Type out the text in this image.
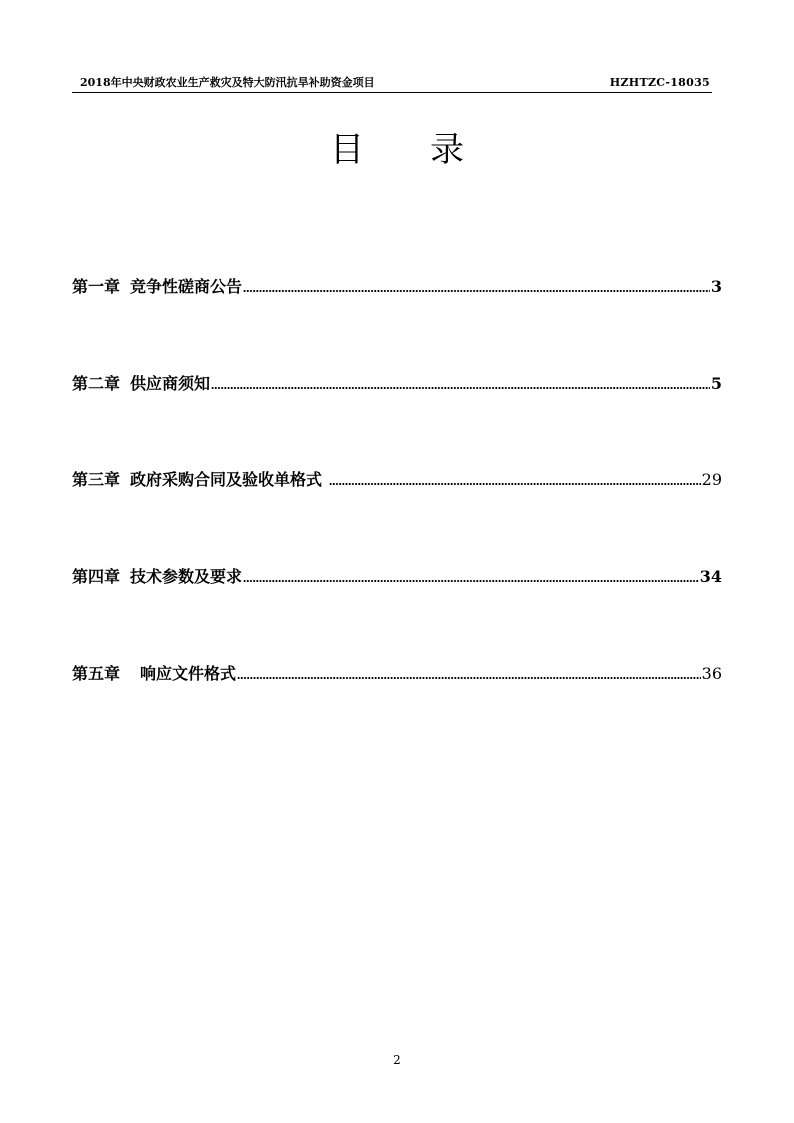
2018年中央财政农业生产救灾及特大防汛抗旱补助资金项目	HZHTZC-18035
目 录
第一章 竞争性磋商公告	3
第二章 供应商须知	5
第三章 政府采购合同及验收单格式	29
第四章 技术参数及要求	34
第五章 响应文件格式	36
2
